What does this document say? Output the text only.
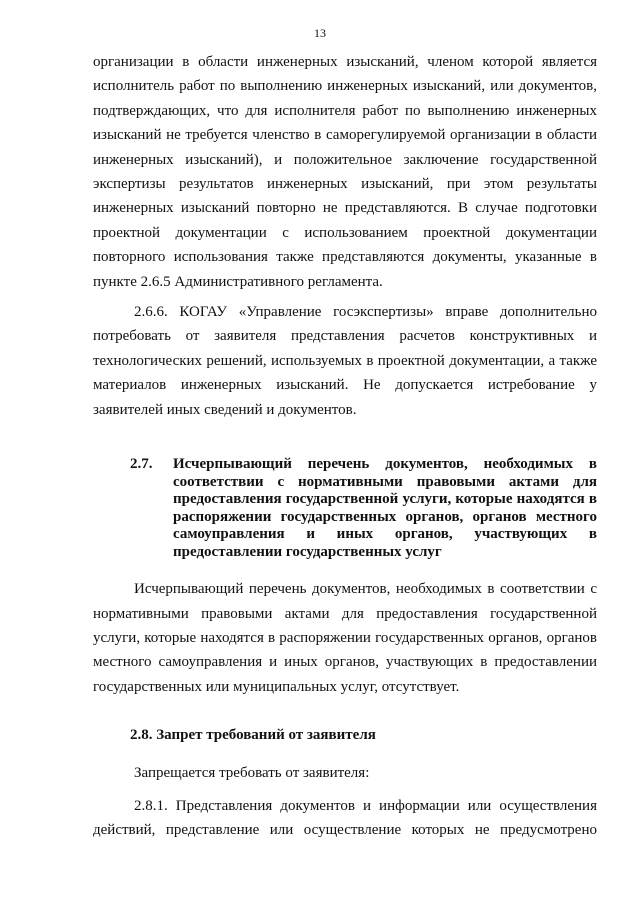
13

организации в области инженерных изысканий, членом которой является исполнитель работ по выполнению инженерных изысканий, или документов, подтверждающих, что для исполнителя работ по выполнению инженерных изысканий не требуется членство в саморегулируемой организации в области инженерных изысканий), и положительное заключение государственной экспертизы результатов инженерных изысканий, при этом результаты инженерных изысканий повторно не представляются. В случае подготовки проектной документации с использованием проектной документации повторного использования также представляются документы, указанные в пункте 2.6.5 Административного регламента.

2.6.6. КОГАУ «Управление госэкспертизы» вправе дополнительно потребовать от заявителя представления расчетов конструктивных и технологических решений, используемых в проектной документации, а также материалов инженерных изысканий. Не допускается истребование у заявителей иных сведений и документов.

2.7.	Исчерпывающий перечень документов, необходимых в соответствии с нормативными правовыми актами для предоставления государственной услуги, которые находятся в распоряжении государственных органов, органов местного самоуправления и иных органов, участвующих в предоставлении государственных услуг

Исчерпывающий перечень документов, необходимых в соответствии с нормативными правовыми актами для предоставления государственной услуги, которые находятся в распоряжении государственных органов, органов местного самоуправления и иных органов, участвующих в предоставлении государственных или муниципальных услуг, отсутствует.

2.8. Запрет требований от заявителя

Запрещается требовать от заявителя:

2.8.1. Представления документов и информации или осуществления действий, представление или осуществление которых не предусмотрено
